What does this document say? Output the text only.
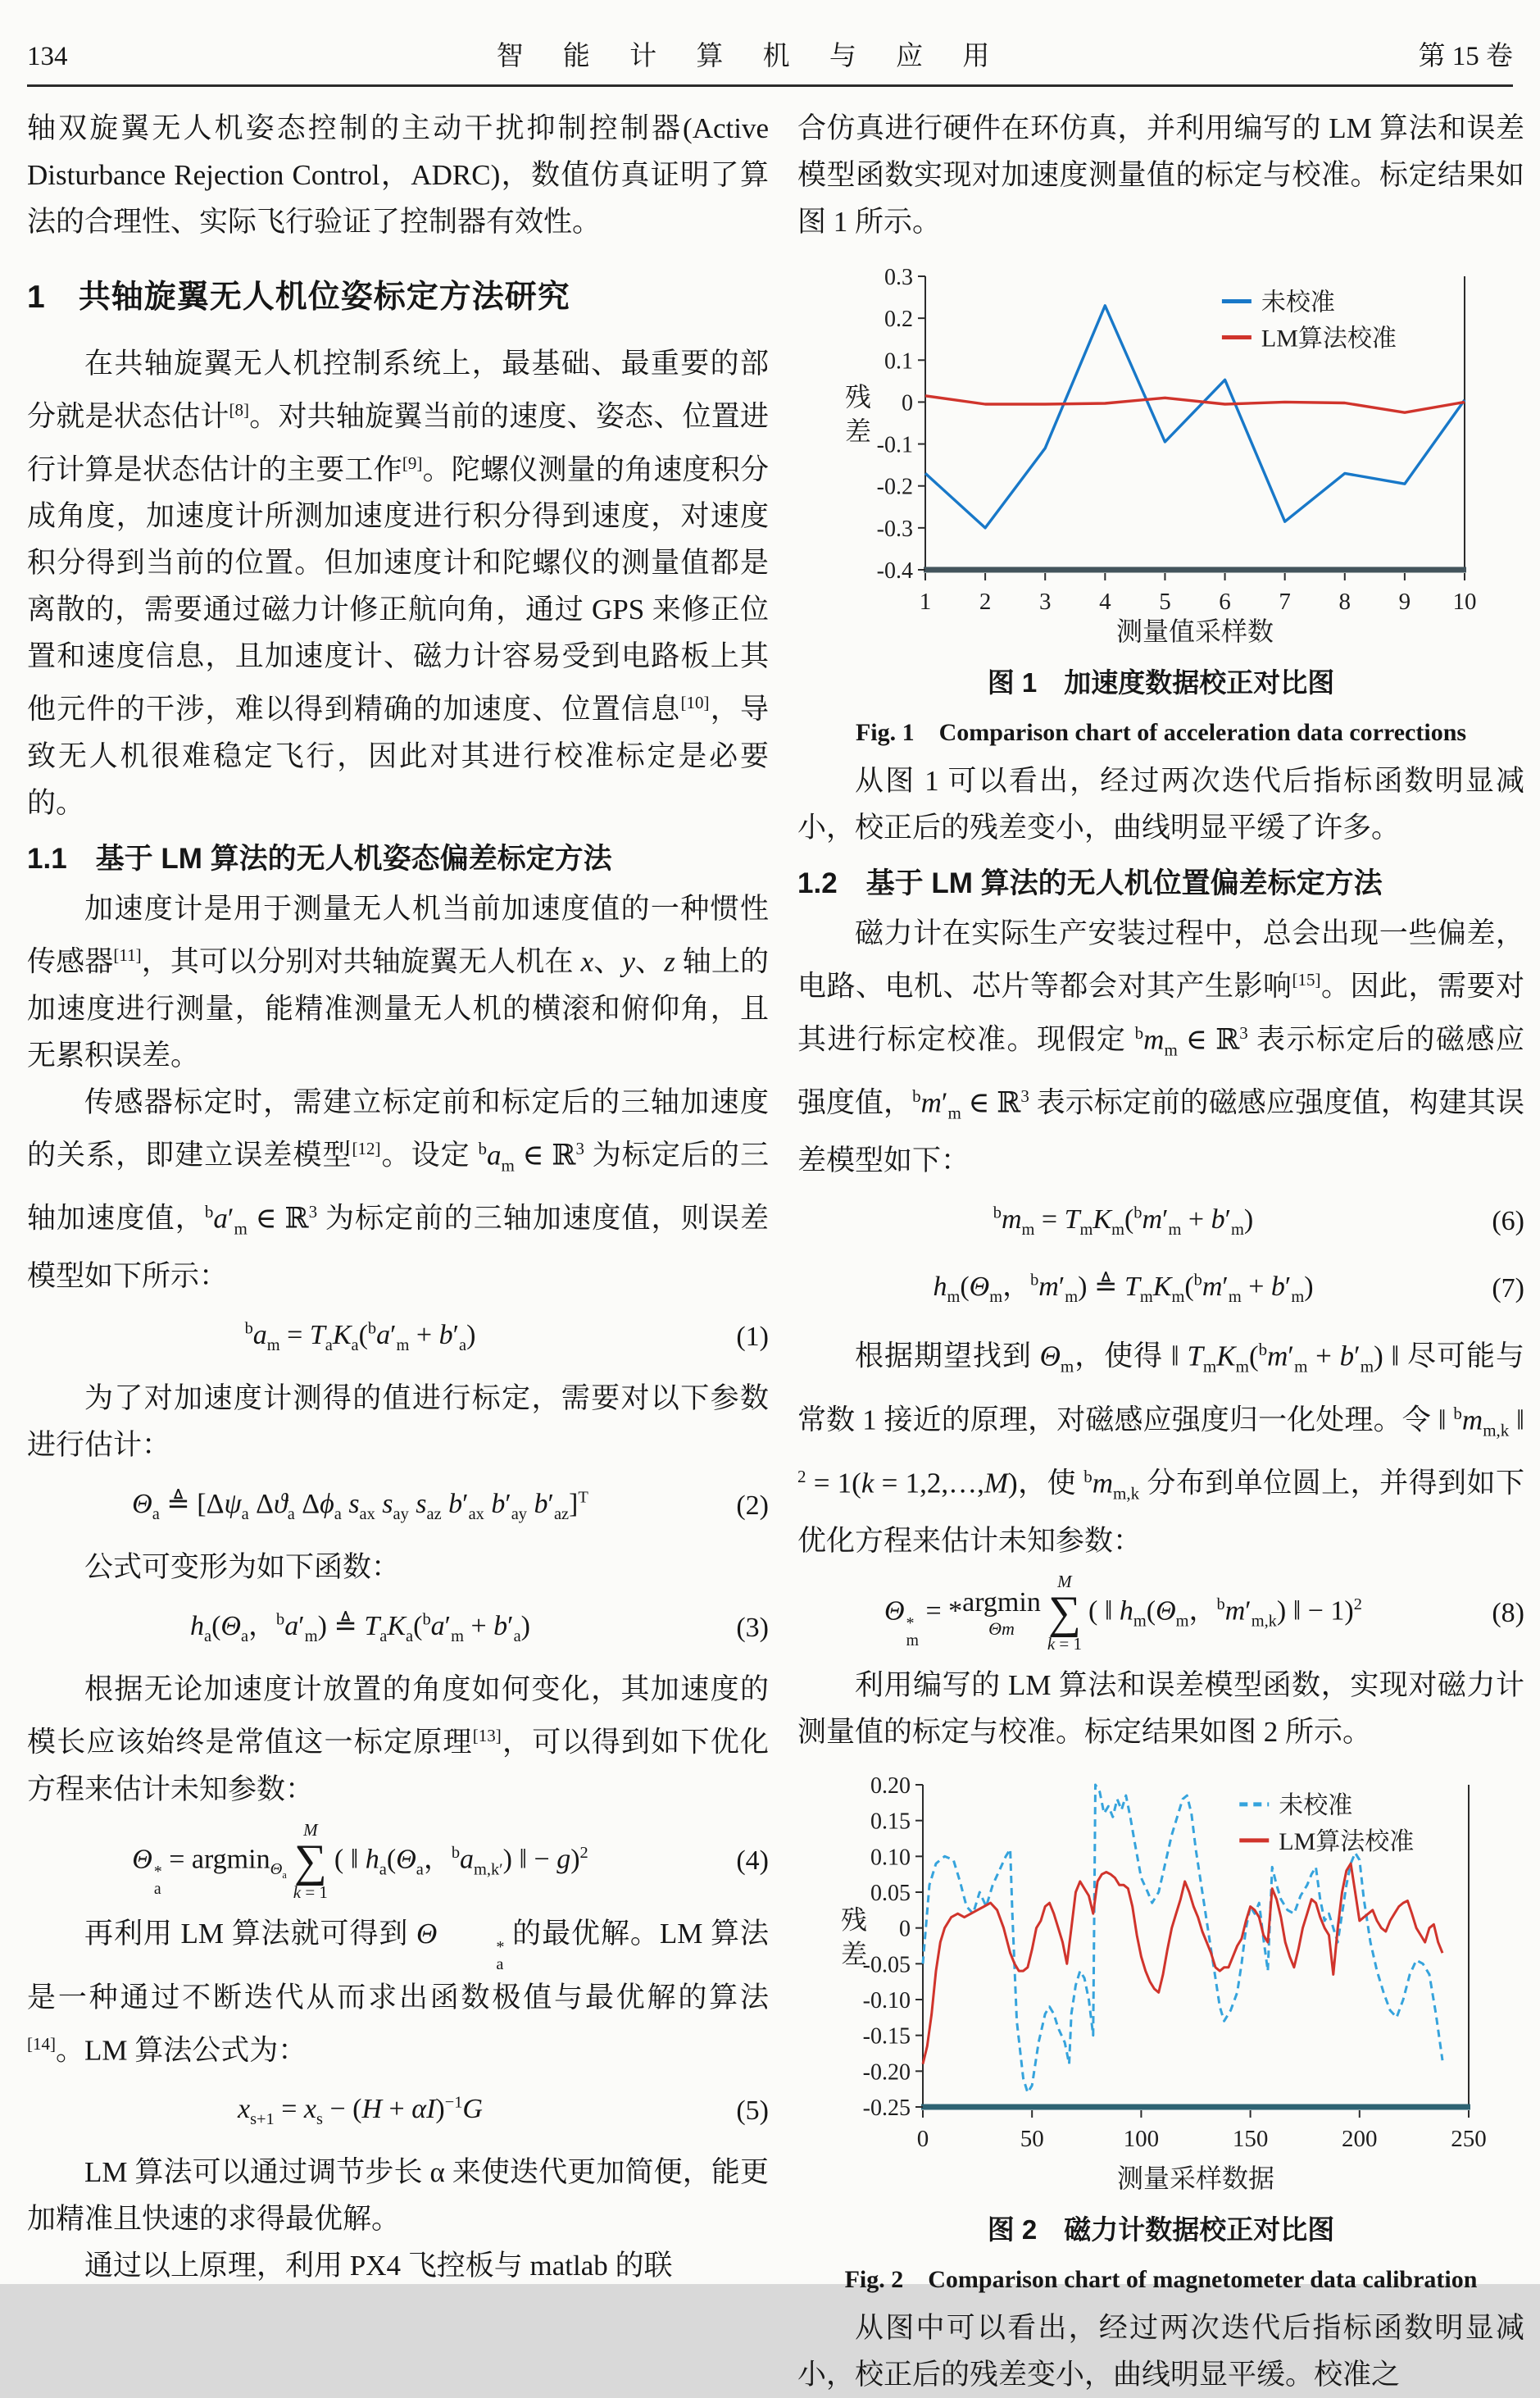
134	智 能 计 算 机 与 应 用	第 15 卷

轴双旋翼无人机姿态控制的主动干扰抑制控制器(Active Disturbance Rejection Control，ADRC)，数值仿真证明了算法的合理性、实际飞行验证了控制器有效性。

1　共轴旋翼无人机位姿标定方法研究

在共轴旋翼无人机控制系统上，最基础、最重要的部分就是状态估计[8]。对共轴旋翼当前的速度、姿态、位置进行计算是状态估计的主要工作[9]。陀螺仪测量的角速度积分成角度，加速度计所测加速度进行积分得到速度，对速度积分得到当前的位置。但加速度计和陀螺仪的测量值都是离散的，需要通过磁力计修正航向角，通过 GPS 来修正位置和速度信息，且加速度计、磁力计容易受到电路板上其他元件的干涉，难以得到精确的加速度、位置信息[10]，导致无人机很难稳定飞行，因此对其进行校准标定是必要的。

1.1　基于 LM 算法的无人机姿态偏差标定方法

加速度计是用于测量无人机当前加速度值的一种惯性传感器[11]，其可以分别对共轴旋翼无人机在 x、y、z 轴上的加速度进行测量，能精准测量无人机的横滚和俯仰角，且无累积误差。

传感器标定时，需建立标定前和标定后的三轴加速度的关系，即建立误差模型[12]。设定 $^ba_m$ ∈ ℝ$^3$ 为标定后的三轴加速度值，$^ba'_m$ ∈ ℝ$^3$ 为标定前的三轴加速度值，则误差模型如下所示：

$^ba_m = T_aK_a(^ba'_m + b'_a)$	(1)

为了对加速度计测得的值进行标定，需要对以下参数进行估计：

$\Theta_a$ ≜ [$\Delta\psi_a$ $\Delta ϑ_a$ $\Delta\phi_a$ $s_{ax}$ $s_{ay}$ $s_{az}$ $b'_{ax}$ $b'_{ay}$ $b'_{az}]^T$	(2)

公式可变形为如下函数：

$h_a(\Theta_a$，$^ba'_m$) ≜ $T_aK_a(^ba'_m + b'_a)$	(3)

根据无论加速度计放置的角度如何变化，其加速度的模长应该始终是常值这一标定原理[13]，可以得到如下优化方程来估计未知参数：

Θ *
a
= argmin$_{\Theta_a}$
M
∑
k = 1
( ‖ $h_a(\Theta_a$，$^ba_{m,k'}$) ‖ − g)$^2$	(4)

再利用 LM 算法就可得到 Θ	*
a
的最优解。LM 算法是一种通过不断迭代从而求出函数极值与最优解的算法[14]。LM 算法公式为：

$x_{s+1} = x_s - (H + \alpha I)^{-1}G$	(5)

LM 算法可以通过调节步长 α 来使迭代更加简便，能更加精准且快速的求得最优解。

通过以上原理，利用 PX4 飞控板与 matlab 的联

合仿真进行硬件在环仿真，并利用编写的 LM 算法和误差模型函数实现对加速度测量值的标定与校准。标定结果如图 1 所示。

0.3
0.2
0.1
0
-0.1
-0.2
-0.3
-0.4
1 2 3 4 5 6 7 8 9 10
残
差
测量值采样数
未校准
LM算法校准
图 1　加速度数据校正对比图
Fig. 1　Comparison chart of acceleration data corrections

从图 1 可以看出，经过两次迭代后指标函数明显减小，校正后的残差变小，曲线明显平缓了许多。

1.2　基于 LM 算法的无人机位置偏差标定方法

磁力计在实际生产安装过程中，总会出现一些偏差，电路、电机、芯片等都会对其产生影响[15]。因此，需要对其进行标定校准。现假定 $^bm_m$ ∈ ℝ$^3$ 表示标定后的磁感应强度值，$^bm'_m$ ∈ ℝ$^3$ 表示标定前的磁感应强度值，构建其误差模型如下：

$^bm_m = T_mK_m(^bm'_m + b'_m)$	(6)
$h_m(\Theta_m$，$^bm'_m$) ≜ $T_mK_m(^bm'_m + b'_m)$	(7)

根据期望找到 $\Theta_m$，使得 ‖ $T_mK_m(^bm'_m + b'_m)$ ‖ 尽可能与常数 1 接近的原理，对磁感应强度归一化处理。令 ‖ $^bm_{m,k}$ ‖ $^2$ = 1(k = 1,2,…,M)，使 $^bm_{m,k}$ 分布到单位圆上，并得到如下优化方程来估计未知参数：

Θ *
m
= * argmin
Θm
M
∑
k = 1
( ‖ $h_m(\Theta_m$，$^bm'_{m,k}$) ‖ − 1)$^2$	(8)

利用编写的 LM 算法和误差模型函数，实现对磁力计测量值的标定与校准。标定结果如图 2 所示。

0.20
0.15
0.10
0.05
0
-0.05
-0.10
-0.15
-0.20
-0.25
0	50	100	150	200	250
残
差
测量采样数据
未校准
LM算法校准
图 2　磁力计数据校正对比图
Fig. 2　Comparison chart of magnetometer data calibration

从图中可以看出，经过两次迭代后指标函数明显减小，校正后的残差变小，曲线明显平缓。校准之
